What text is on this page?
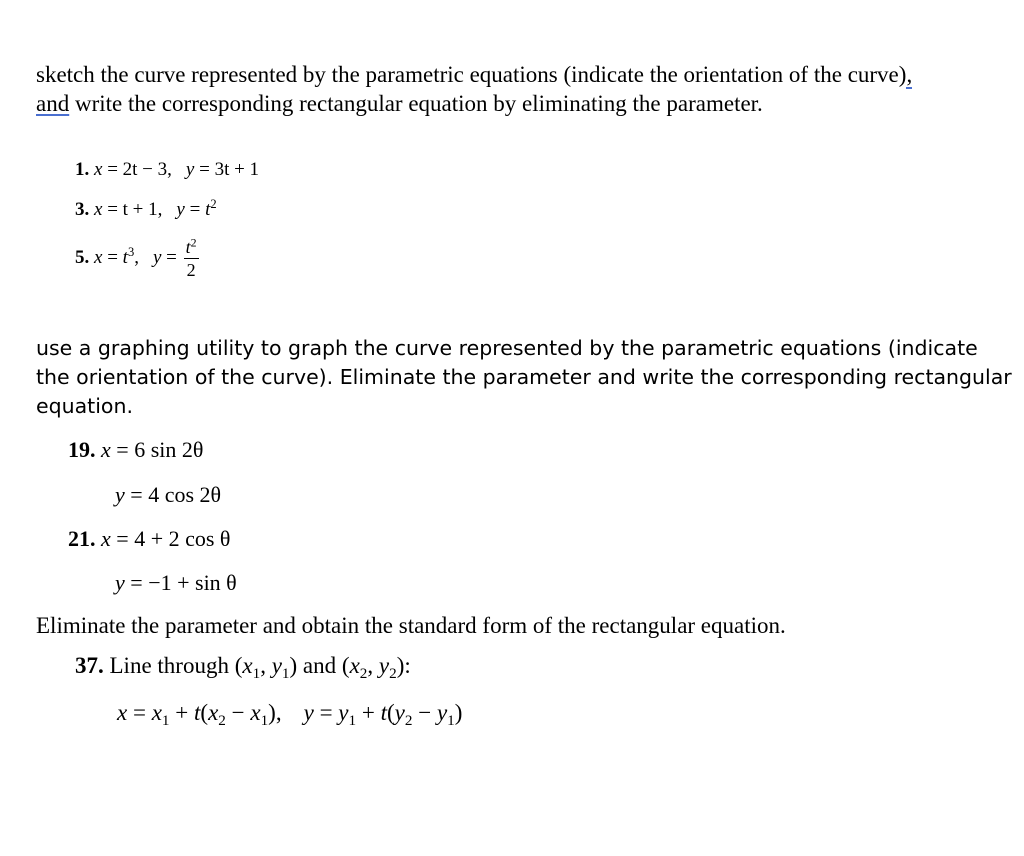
sketch the curve represented by the parametric equations (indicate the orientation of the curve),
and write the corresponding rectangular equation by eliminating the parameter.
1. x = 2t − 3, y = 3t + 1
3. x = t + 1, $y = t^2$
5. $x = t^3$, $y = \frac{t^2}{2}$
use a graphing utility to graph the curve represented by the parametric equations (indicate the orientation of the curve). Eliminate the parameter and write the corresponding rectangular equation.
19. x = 6 sin 2θ
y = 4 cos 2θ
21. x = 4 + 2 cos θ
y = −1 + sin θ
Eliminate the parameter and obtain the standard form of the rectangular equation.
37. Line through ($x_1$, $y_1$) and ($x_2$, $y_2$):
$x = x_1 + t(x_2 - x_1)$, $y = y_1 + t(y_2 - y_1)$
